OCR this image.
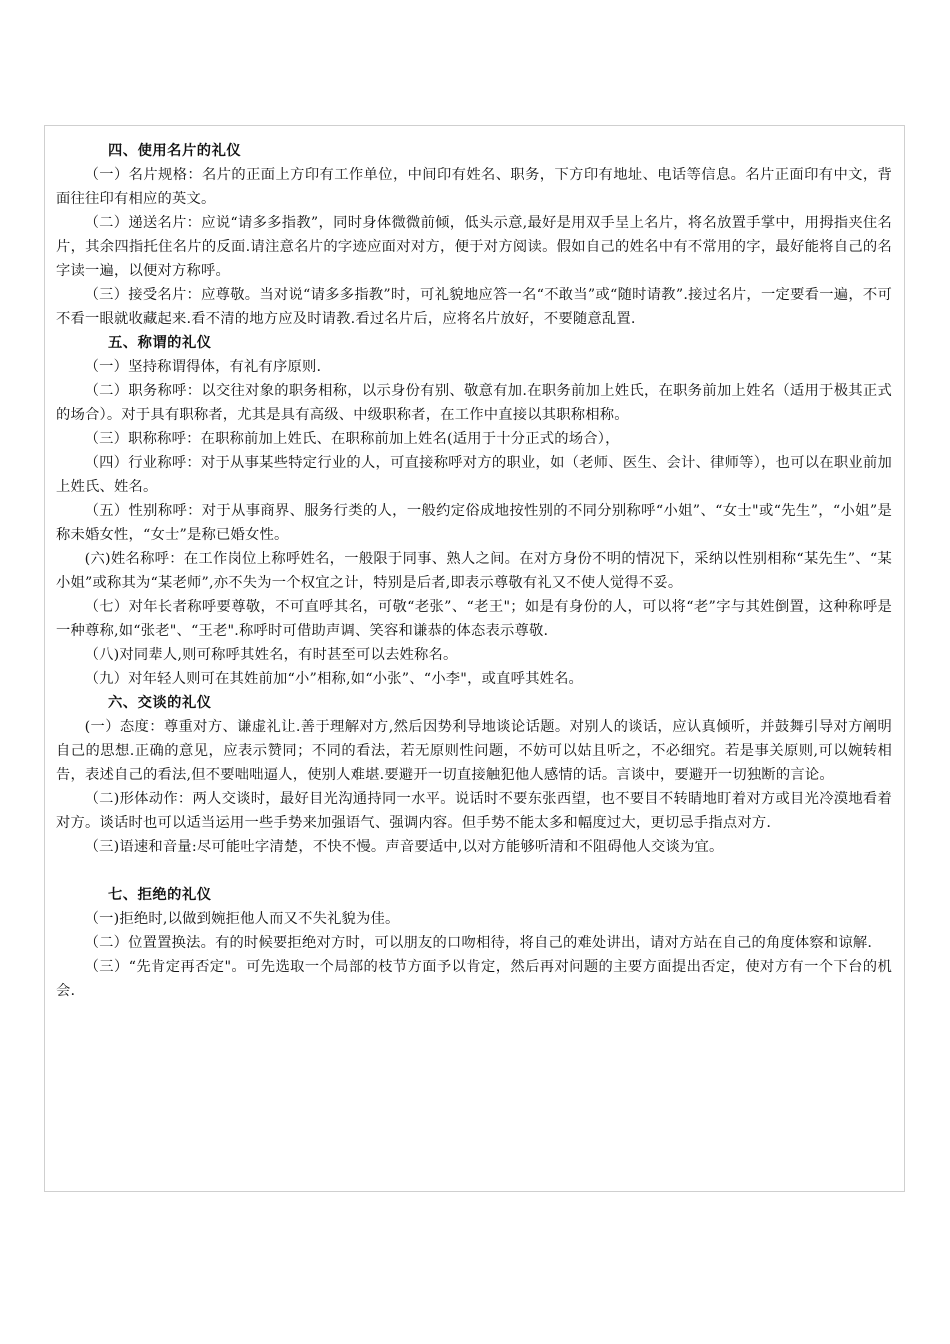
四、使用名片的礼仪

（一）名片规格：名片的正面上方印有工作单位，中间印有姓名、职务，下方印有地址、电话等信息。名片正面印有中文，背面往往印有相应的英文。

（二）递送名片：应说“请多多指教”，同时身体微微前倾，低头示意,最好是用双手呈上名片，将名放置手掌中，用拇指夹住名片，其余四指托住名片的反面.请注意名片的字迹应面对对方，便于对方阅读。假如自己的姓名中有不常用的字，最好能将自己的名字读一遍，以便对方称呼。

（三）接受名片：应尊敬。当对说“请多多指教”时，可礼貌地应答一名“不敢当”或“随时请教”.接过名片，一定要看一遍，不可不看一眼就收藏起来.看不清的地方应及时请教.看过名片后，应将名片放好，不要随意乱置.

五、称谓的礼仪

（一）坚持称谓得体，有礼有序原则.

（二）职务称呼：以交往对象的职务相称，以示身份有别、敬意有加.在职务前加上姓氏，在职务前加上姓名（适用于极其正式的场合）。对于具有职称者，尤其是具有高级、中级职称者，在工作中直接以其职称相称。

（三）职称称呼：在职称前加上姓氏、在职称前加上姓名(适用于十分正式的场合），

（四）行业称呼：对于从事某些特定行业的人，可直接称呼对方的职业，如（老师、医生、会计、律师等），也可以在职业前加上姓氏、姓名。

（五）性别称呼：对于从事商界、服务行类的人，一般约定俗成地按性别的不同分别称呼“小姐”、“女士"或“先生”，“小姐”是称未婚女性，“女士”是称已婚女性。

(六)姓名称呼：在工作岗位上称呼姓名，一般限于同事、熟人之间。在对方身份不明的情况下，采纳以性别相称“某先生”、“某小姐”或称其为“某老师”,亦不失为一个权宜之计，特别是后者,即表示尊敬有礼又不使人觉得不妥。

（七）对年长者称呼要尊敬，不可直呼其名，可敬“老张”、“老王"；如是有身份的人，可以将“老”字与其姓倒置，这种称呼是一种尊称,如“张老"、“王老".称呼时可借助声调、笑容和谦恭的体态表示尊敬.

（八)对同辈人,则可称呼其姓名，有时甚至可以去姓称名。

（九）对年轻人则可在其姓前加“小”相称,如“小张”、“小李"，或直呼其姓名。

六、交谈的礼仪

(一）态度：尊重对方、谦虚礼让.善于理解对方,然后因势利导地谈论话题。对别人的谈话，应认真倾听，并鼓舞引导对方阐明自己的思想.正确的意见，应表示赞同；不同的看法，若无原则性问题，不妨可以姑且听之，不必细究。若是事关原则,可以婉转相告，表述自己的看法,但不要咄咄逼人，使别人难堪.要避开一切直接触犯他人感情的话。言谈中，要避开一切独断的言论。

（二)形体动作：两人交谈时，最好目光沟通持同一水平。说话时不要东张西望，也不要目不转睛地盯着对方或目光冷漠地看着对方。谈话时也可以适当运用一些手势来加强语气、强调内容。但手势不能太多和幅度过大，更切忌手指点对方.

（三)语速和音量:尽可能吐字清楚，不快不慢。声音要适中,以对方能够听清和不阻碍他人交谈为宜。

七、拒绝的礼仪

（一)拒绝时,以做到婉拒他人而又不失礼貌为佳。

（二）位置置换法。有的时候要拒绝对方时，可以朋友的口吻相待，将自己的难处讲出，请对方站在自己的角度体察和谅解.

（三）“先肯定再否定"。可先选取一个局部的枝节方面予以肯定，然后再对问题的主要方面提出否定，使对方有一个下台的机会.
